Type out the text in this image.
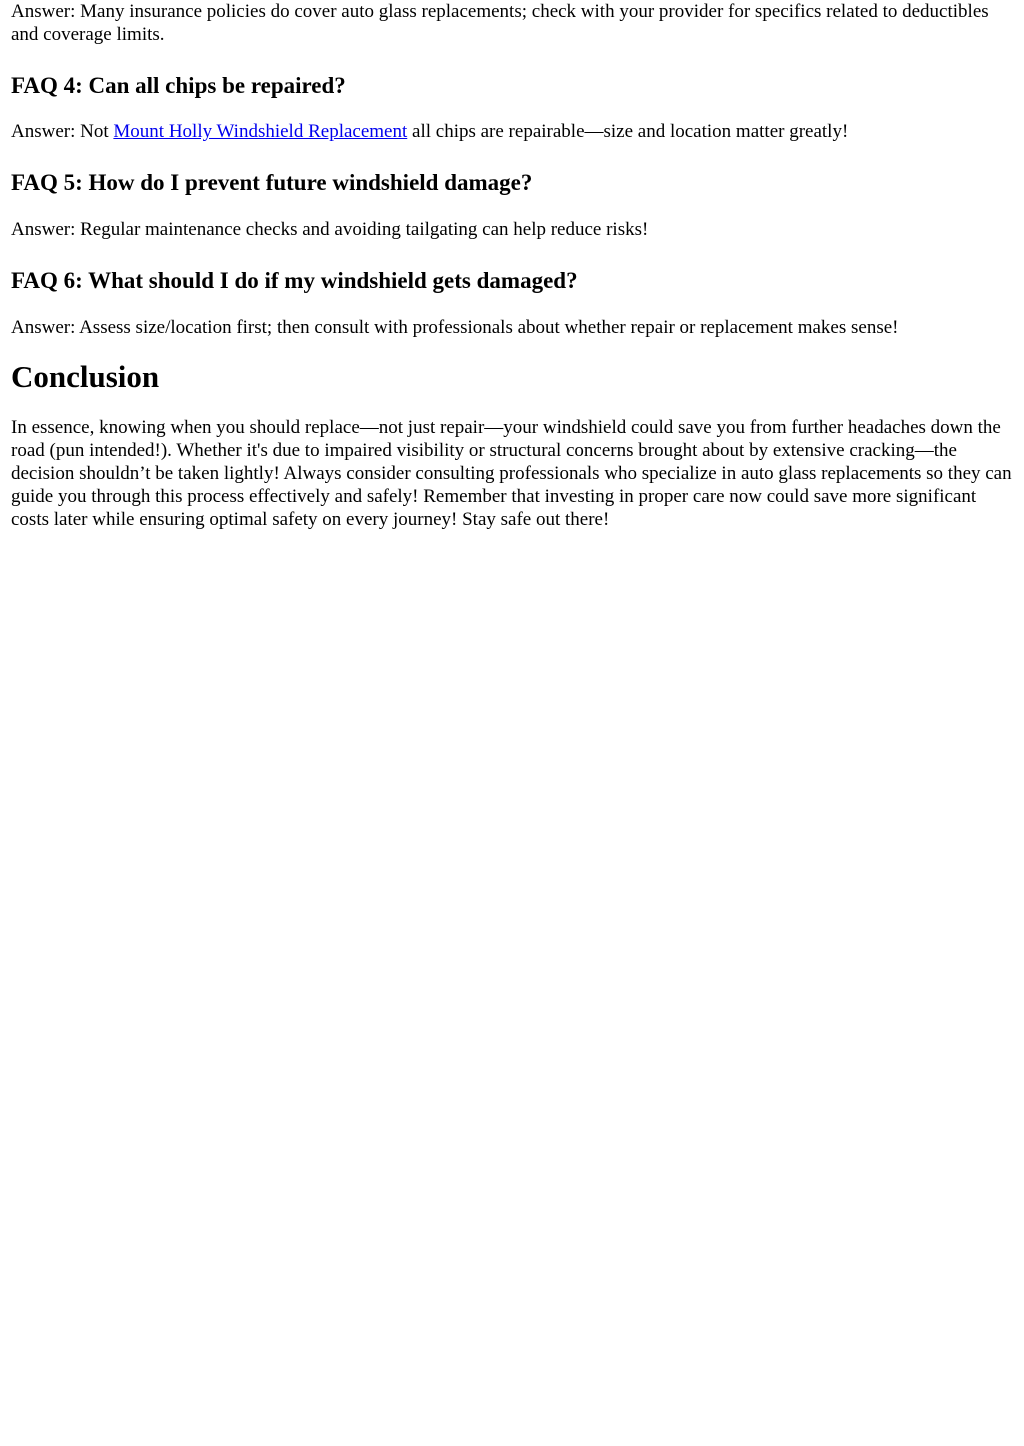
Answer: Many insurance policies do cover auto glass replacements; check with your provider for specifics related to deductibles and coverage limits.

FAQ 4: Can all chips be repaired?

Answer: Not Mount Holly Windshield Replacement all chips are repairable—size and location matter greatly!

FAQ 5: How do I prevent future windshield damage?

Answer: Regular maintenance checks and avoiding tailgating can help reduce risks!

FAQ 6: What should I do if my windshield gets damaged?

Answer: Assess size/location first; then consult with professionals about whether repair or replacement makes sense!

Conclusion

In essence, knowing when you should replace—not just repair—your windshield could save you from further headaches down the road (pun intended!). Whether it's due to impaired visibility or structural concerns brought about by extensive cracking—the decision shouldn’t be taken lightly! Always consider consulting professionals who specialize in auto glass replacements so they can guide you through this process effectively and safely! Remember that investing in proper care now could save more significant costs later while ensuring optimal safety on every journey! Stay safe out there!
